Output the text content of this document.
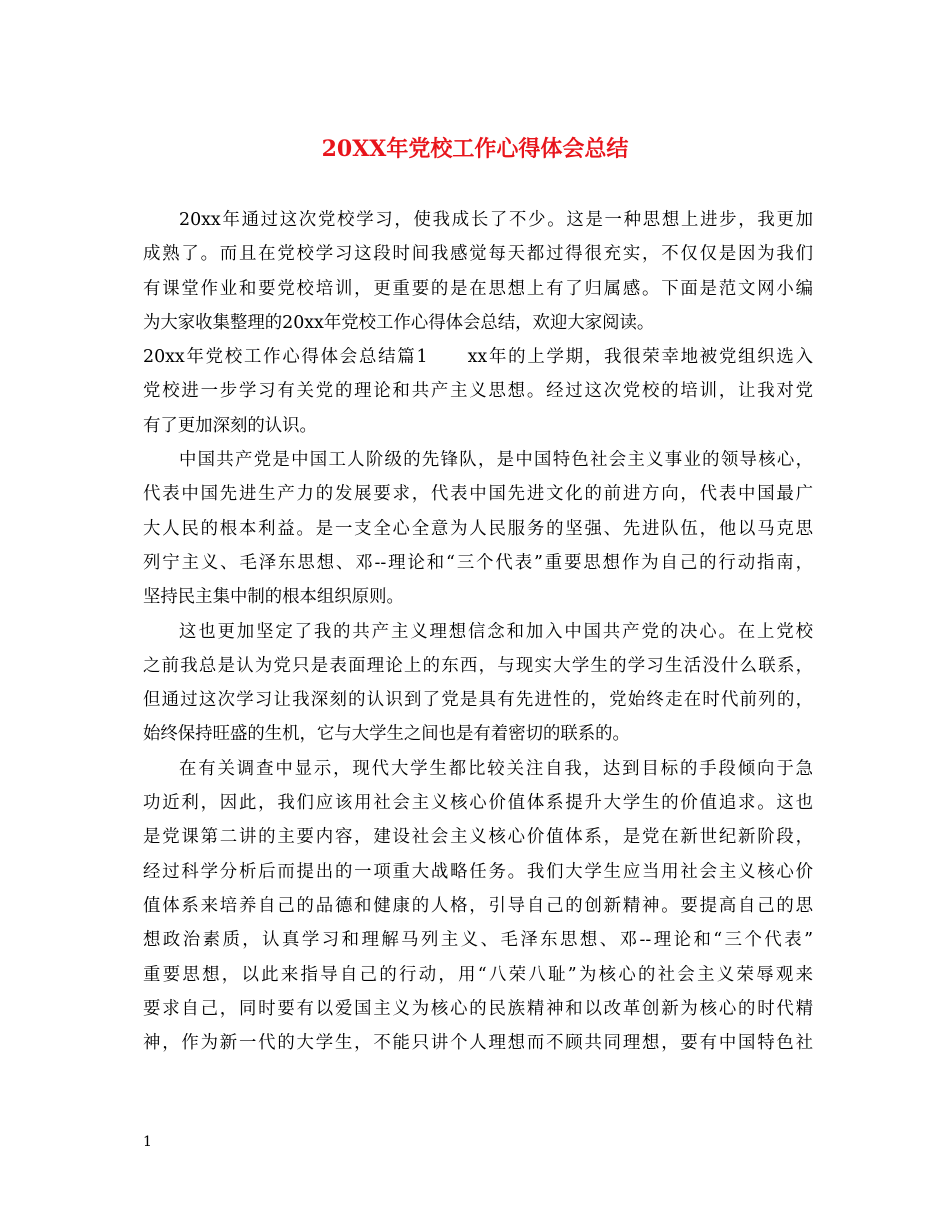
20XX年党校工作心得体会总结
20xx年通过这次党校学习，使我成长了不少。这是一种思想上进步，我更加
成熟了。而且在党校学习这段时间我感觉每天都过得很充实，不仅仅是因为我们
有课堂作业和要党校培训，更重要的是在思想上有了归属感。下面是范文网小编
为大家收集整理的20xx年党校工作心得体会总结，欢迎大家阅读。
20xx年党校工作心得体会总结篇1　　xx年的上学期，我很荣幸地被党组织选入
党校进一步学习有关党的理论和共产主义思想。经过这次党校的培训，让我对党
有了更加深刻的认识。
中国共产党是中国工人阶级的先锋队，是中国特色社会主义事业的领导核心，
代表中国先进生产力的发展要求，代表中国先进文化的前进方向，代表中国最广
大人民的根本利益。是一支全心全意为人民服务的坚强、先进队伍，他以马克思
列宁主义、毛泽东思想、邓--理论和“三个代表”重要思想作为自己的行动指南，
坚持民主集中制的根本组织原则。
这也更加坚定了我的共产主义理想信念和加入中国共产党的决心。在上党校
之前我总是认为党只是表面理论上的东西，与现实大学生的学习生活没什么联系，
但通过这次学习让我深刻的认识到了党是具有先进性的，党始终走在时代前列的，
始终保持旺盛的生机，它与大学生之间也是有着密切的联系的。
在有关调查中显示，现代大学生都比较关注自我，达到目标的手段倾向于急
功近利，因此，我们应该用社会主义核心价值体系提升大学生的价值追求。这也
是党课第二讲的主要内容，建设社会主义核心价值体系，是党在新世纪新阶段，
经过科学分析后而提出的一项重大战略任务。我们大学生应当用社会主义核心价
值体系来培养自己的品德和健康的人格，引导自己的创新精神。要提高自己的思
想政治素质，认真学习和理解马列主义、毛泽东思想、邓--理论和“三个代表”
重要思想，以此来指导自己的行动，用“八荣八耻”为核心的社会主义荣辱观来
要求自己，同时要有以爱国主义为核心的民族精神和以改革创新为核心的时代精
神，作为新一代的大学生，不能只讲个人理想而不顾共同理想，要有中国特色社
1
